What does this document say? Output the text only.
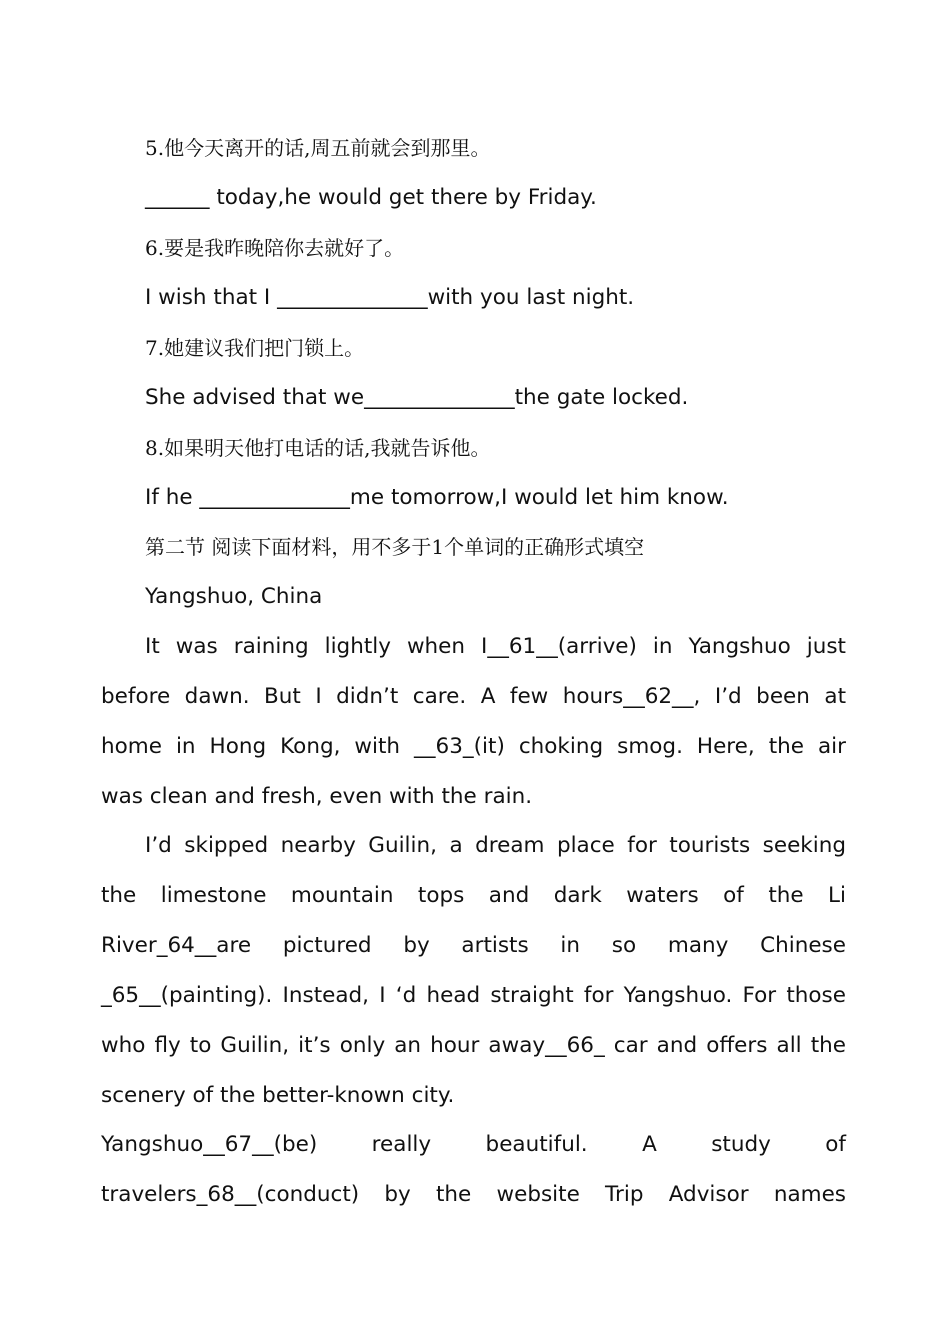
5.他今天离开的话,周五前就会到那里。
______ today,he would get there by Friday.
6.要是我昨晚陪你去就好了。
I wish that I ______________with you last night.
7.她建议我们把门锁上。
She advised that we______________the gate locked.
8.如果明天他打电话的话,我就告诉他。
If he ______________me tomorrow,I would let him know.
第二节 阅读下面材料，用不多于1个单词的正确形式填空
Yangshuo, China
It was raining lightly when I__61__(arrive) in Yangshuo just
before dawn. But I didn’t care. A few hours__62__, I’d been at
home in Hong Kong, with __63_(it) choking smog. Here, the air
was clean and fresh, even with the rain.
I’d skipped nearby Guilin, a dream place for tourists seeking
the limestone mountain tops and dark waters of the Li
River_64__are pictured by artists in so many Chinese
_65__(painting). Instead, I ‘d head straight for Yangshuo. For those
who fly to Guilin, it’s only an hour away__66_ car and offers all the
scenery of the better-known city.
Yangshuo__67__(be) really beautiful. A study of
travelers_68__(conduct) by the website Trip Advisor names
